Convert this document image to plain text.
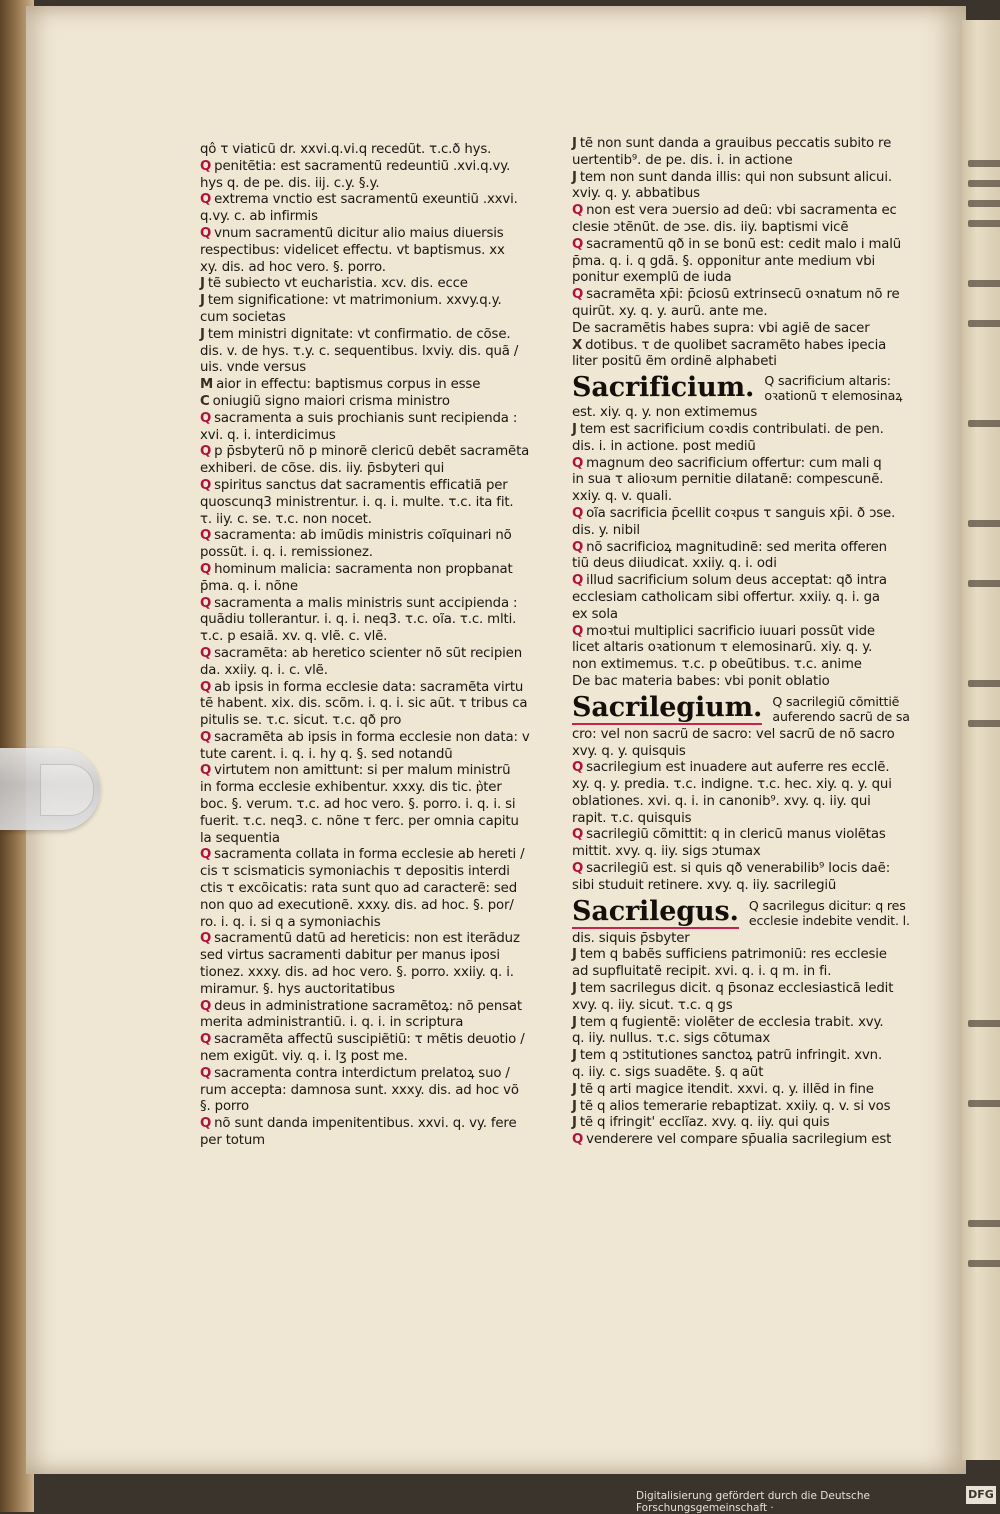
qô τ viaticũ dr. xxvi.q.vi.q recedũt. τ.c.ð hys.
Q penitẽtia: est sacramentũ redeuntiũ .xvi.q.vy.
hys q. de pe. dis. iij. c.y. §.y.
Q extrema vnctio est sacramentũ exeuntiũ .xxvi.
q.vy. c. ab infirmis
Q vnum sacramentũ dicitur alio maius diuersis
respectibus: videlicet effectu. vt baptismus. xx
xy. dis. ad hoc vero. §. porro.
J tẽ subiecto vt eucharistia. xcv. dis. ecce
J tem significatione: vt matrimonium. xxvy.q.y.
cum societas
J tem ministri dignitate: vt confirmatio. de cõse.
dis. v. de hys. τ.y. c. sequentibus. lxviy. dis. quã /
uis. vnde versus
M aior in effectu: baptismus corpus in esse
C oniugiũ signo maiori crisma ministro
Q sacramenta a suis prochianis sunt recipienda :
xvi. q. i. interdicimus
Q p p̄sbyterũ nõ p minorẽ clericũ debẽt sacramẽta
exhiberi. de cõse. dis. iiy. p̄sbyteri qui
Q spiritus sanctus dat sacramentis efficatiã per
quoscunq3 ministrentur. i. q. i. multe. τ.c. ita fit.
τ. iiy. c. se. τ.c. non nocet.
Q sacramenta: ab imũdis ministris coĩquinari nõ
possũt. i. q. i. remissionez.
Q hominum malicia: sacramenta non propbanat
p̄ma. q. i. nõne
Q sacramenta a malis ministris sunt accipienda :
quãdiu tollerantur. i. q. i. neq3. τ.c. oĩa. τ.c. mlti.
τ.c. p esaiã. xv. q. vlẽ. c. vlẽ.
Q sacramẽta: ab heretico scienter nõ sũt recipien
da. xxiiy. q. i. c. vlẽ.
Q ab ipsis in forma ecclesie data: sacramẽta virtu
tẽ habent. xix. dis. scõm. i. q. i. sic aũt. τ tribus ca
pitulis se. τ.c. sicut. τ.c. qð pro
Q sacramẽta ab ipsis in forma ecclesie non data: v
tute carent. i. q. i. hy q. §. sed notandũ
Q virtutem non amittunt: si per malum ministrũ
in forma ecclesie exhibentur. xxxy. dis tic. p͛ter
boc. §. verum. τ.c. ad hoc vero. §. porro. i. q. i. si
fuerit. τ.c. neq3. c. nõne τ ferc. per omnia capitu
la sequentia
Q sacramenta collata in forma ecclesie ab hereti /
cis τ scismaticis symoniachis τ depositis interdi
ctis τ excõicatis: rata sunt quo ad caracterẽ: sed
non quo ad executionẽ. xxxy. dis. ad hoc. §. por/
ro. i. q. i. si q a symoniachis
Q sacramentũ datũ ad hereticis: non est iterãduz
sed virtus sacramenti dabitur per manus iposi
tionez. xxxy. dis. ad hoc vero. §. porro. xxiiy. q. i.
miramur. §. hys auctoritatibus
Q deus in administratione sacramẽtoꝝ: nõ pensat
merita administrantiũ. i. q. i. in scriptura
Q sacramẽta affectũ suscipiẽtiũ: τ mẽtis deuotio /
nem exigũt. viy. q. i. lʒ post me.
Q sacramenta contra interdictum prelatoꝝ suo /
rum accepta: damnosa sunt. xxxy. dis. ad hoc võ
§. porro
Q nõ sunt danda impenitentibus. xxvi. q. vy. fere
per totum
J tẽ non sunt danda a grauibus peccatis subito re
uertentib⁹. de pe. dis. i. in actione
J tem non sunt danda illis: qui non subsunt alicui.
xviy. q. y. abbatibus
Q non est vera ɔuersio ad deũ: vbi sacramenta ec
clesie ɔtẽnũt. de ɔse. dis. iiy. baptismi vicẽ
Q sacramentũ qð in se bonũ est: cedit malo i malũ
p̄ma. q. i. q gdã. §. opponitur ante medium vbi
ponitur exemplũ de iuda
Q sacramẽta xp̄i: p̄ciosũ extrinsecũ oꝛnatum nõ re
quirũt. xy. q. y. aurũ. ante me.
De sacramẽtis habes supra: vbi agiẽ de sacer
X dotibus. τ de quolibet sacramẽto habes ipecia
liter positũ ẽm ordinẽ alphabeti
Sacrificium. Q sacrificium altaris:
oꝛationũ τ elemosinaꝝ
est. xiy. q. y. non extimemus
J tem est sacrificium coꝛdis contribulati. de pen.
dis. i. in actione. post mediũ
Q magnum deo sacrificium offertur: cum mali q
in sua τ alioꝛum pernitie dilatanẽ: compescunẽ.
xxiy. q. v. quali.
Q oĩa sacrificia p̄cellit coꝛpus τ sanguis xp̄i. ð ɔse.
dis. y. nibil
Q nõ sacrificioꝝ magnitudinẽ: sed merita offeren
tiũ deus diiudicat. xxiiy. q. i. odi
Q illud sacrificium solum deus acceptat: qð intra
ecclesiam catholicam sibi offertur. xxiiy. q. i. ga
ex sola
Q moꝛtui multiplici sacrificio iuuari possũt vide
licet altaris oꝛationum τ elemosinarũ. xiy. q. y.
non extimemus. τ.c. p obeũtibus. τ.c. anime
De bac materia babes: vbi ponit oblatio
Sacrilegium. Q sacrilegiũ cõmittiẽ
auferendo sacrũ de sa
cro: vel non sacrũ de sacro: vel sacrũ de nõ sacro
xvy. q. y. quisquis
Q sacrilegium est inuadere aut auferre res ecclẽ.
xy. q. y. predia. τ.c. indigne. τ.c. hec. xiy. q. y. qui
oblationes. xvi. q. i. in canonib⁹. xvy. q. iiy. qui
rapit. τ.c. quisquis
Q sacrilegiũ cõmittit: q in clericũ manus violẽtas
mittit. xvy. q. iiy. sigs ɔtumax
Q sacrilegiũ est. si quis qð venerabilib⁹ locis daẽ:
sibi studuit retinere. xvy. q. iiy. sacrilegiũ
Sacrilegus. Q sacrilegus dicitur: q res
ecclesie indebite vendit. l.
dis. siquis p̄sbyter
J tem q babẽs sufficiens patrimoniũ: res ecclesie
ad supfluitatẽ recipit. xvi. q. i. q m. in fi.
J tem sacrilegus dicit. q p̄sonaz ecclesiasticã ledit
xvy. q. iiy. sicut. τ.c. q gs
J tem q fugientẽ: violẽter de ecclesia trabit. xvy.
q. iiy. nullus. τ.c. sigs cõtumax
J tem q ɔstitutiones sanctoꝝ patrũ infringit. xvn.
q. iiy. c. sigs suadẽte. §. q aũt
J tẽ q arti magice itendit. xxvi. q. y. illẽd in fine
J tẽ q alios temerarie rebaptizat. xxiiy. q. v. si vos
J tẽ q ifringit' ecclĩaz. xvy. q. iiy. qui quis
Q venderere vel compare sp̄ualia sacrilegium est
Digitalisierung gefördert durch die Deutsche Forschungsgemeinschaft ·
DFG
